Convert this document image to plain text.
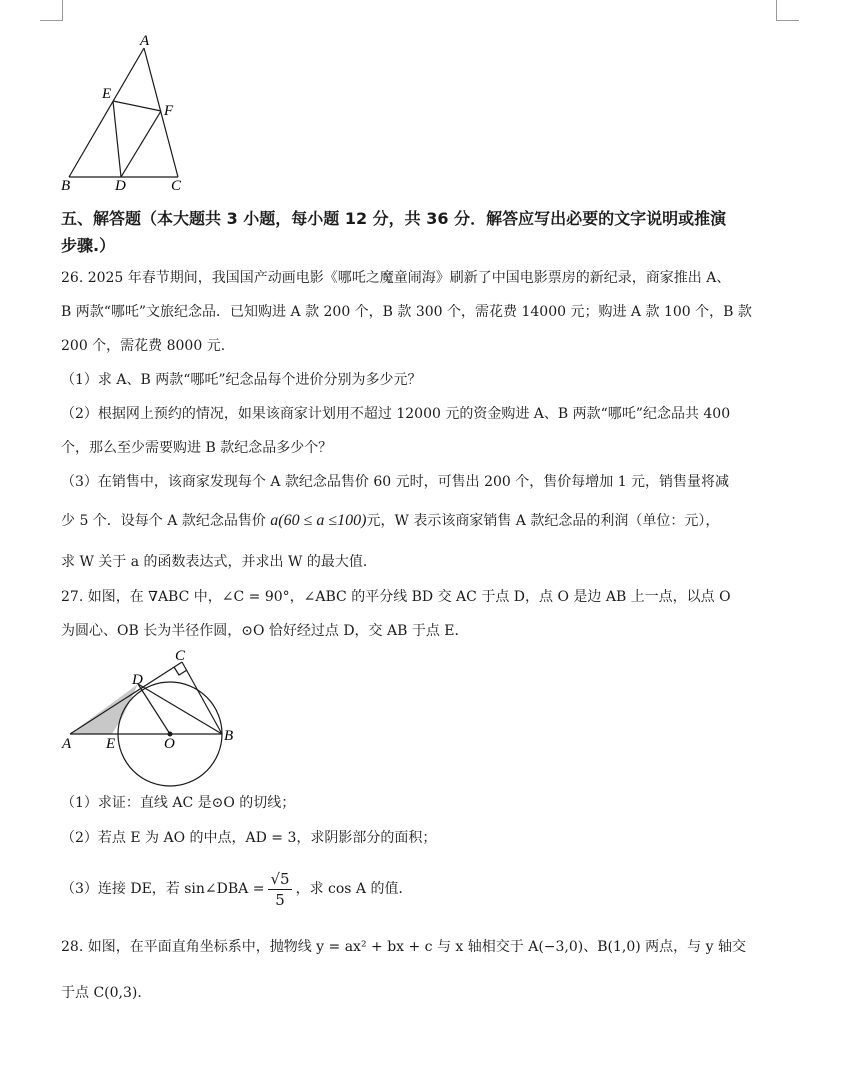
A
E
F
B	D	C
五、解答题（本大题共 3 小题，每小题 12 分，共 36 分．解答应写出必要的文字说明或推演
步骤.）
26. 2025 年春节期间，我国国产动画电影《哪吒之魔童闹海》刷新了中国电影票房的新纪录，商家推出 A、
B 两款“哪吒”文旅纪念品．已知购进 A 款 200 个，B 款 300 个，需花费 14000 元；购进 A 款 100 个，B 款
200 个，需花费 8000 元．
（1）求 A、B 两款“哪吒”纪念品每个进价分别为多少元？
（2）根据网上预约的情况，如果该商家计划用不超过 12000 元的资金购进 A、B 两款“哪吒”纪念品共 400
个，那么至少需要购进 B 款纪念品多少个？
（3）在销售中，该商家发现每个 A 款纪念品售价 60 元时，可售出 200 个，售价每增加 1 元，销售量将减
少 5 个．设每个 A 款纪念品售价 a(60 ≤ a ≤100)元，W 表示该商家销售 A 款纪念品的利润（单位：元），
求 W 关于 a 的函数表达式，并求出 W 的最大值．
27. 如图，在 ∇ABC 中，∠C = 90°，∠ABC 的平分线 BD 交 AC 于点 D，点 O 是边 AB 上一点，以点 O
为圆心、OB 长为半径作圆，⊙O 恰好经过点 D，交 AB 于点 E．
C
D
A E	O	B
（1）求证：直线 AC 是⊙O 的切线；
（2）若点 E 为 AO 的中点，AD = 3，求阴影部分的面积；
（3）连接 DE，若 sin∠DBA = $\frac{√5}{5}$ ，求 cos A 的值．
28. 如图，在平面直角坐标系中，抛物线 y = ax² + bx + c 与 x 轴相交于 A(−3,0)、B(1,0) 两点，与 y 轴交
于点 C(0,3)．
